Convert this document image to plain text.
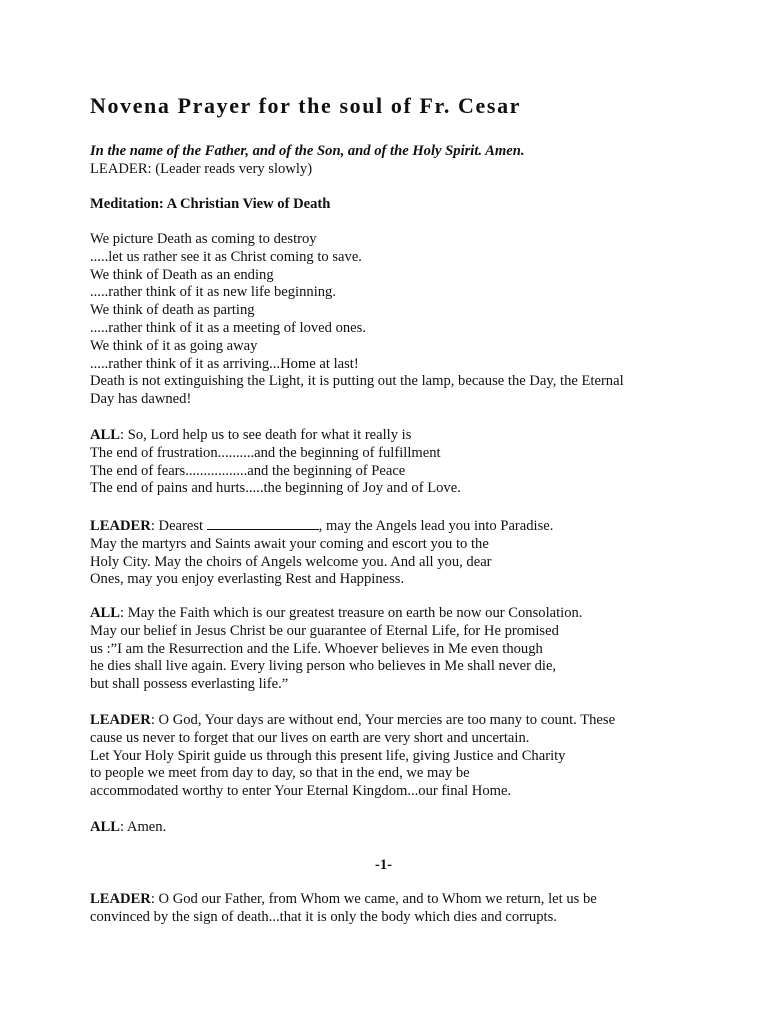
Novena Prayer for the soul of Fr. Cesar
In the name of the Father, and of the Son, and of the Holy Spirit. Amen.
LEADER: (Leader reads very slowly)
Meditation: A Christian View of Death
We picture Death as coming to destroy
.....let us rather see it as Christ coming to save.
We think of Death as an ending
.....rather think of it as new life beginning.
We think of death as parting
.....rather think of it as a meeting of loved ones.
We think of it as going away
.....rather think of it as arriving...Home at last!
Death is not extinguishing the Light, it is putting out the lamp, because the Day, the Eternal
Day has dawned!
ALL: So, Lord help us to see death for what it really is
The end of frustration..........and the beginning of fulfillment
The end of fears.................and the beginning of Peace
The end of pains and hurts.....the beginning of Joy and of Love.
LEADER: Dearest	, may the Angels lead you into Paradise.
May the martyrs and Saints await your coming and escort you to the
Holy City. May the choirs of Angels welcome you. And all you, dear
Ones, may you enjoy everlasting Rest and Happiness.
ALL: May the Faith which is our greatest treasure on earth be now our Consolation.
May our belief in Jesus Christ be our guarantee of Eternal Life, for He promised
us :”I am the Resurrection and the Life. Whoever believes in Me even though
he dies shall live again. Every living person who believes in Me shall never die,
but shall possess everlasting life.”
LEADER: O God, Your days are without end, Your mercies are too many to count. These
cause us never to forget that our lives on earth are very short and uncertain.
Let Your Holy Spirit guide us through this present life, giving Justice and Charity
to people we meet from day to day, so that in the end, we may be
accommodated worthy to enter Your Eternal Kingdom...our final Home.
ALL: Amen.
-1-
LEADER: O God our Father, from Whom we came, and to Whom we return, let us be
convinced by the sign of death...that it is only the body which dies and corrupts.
